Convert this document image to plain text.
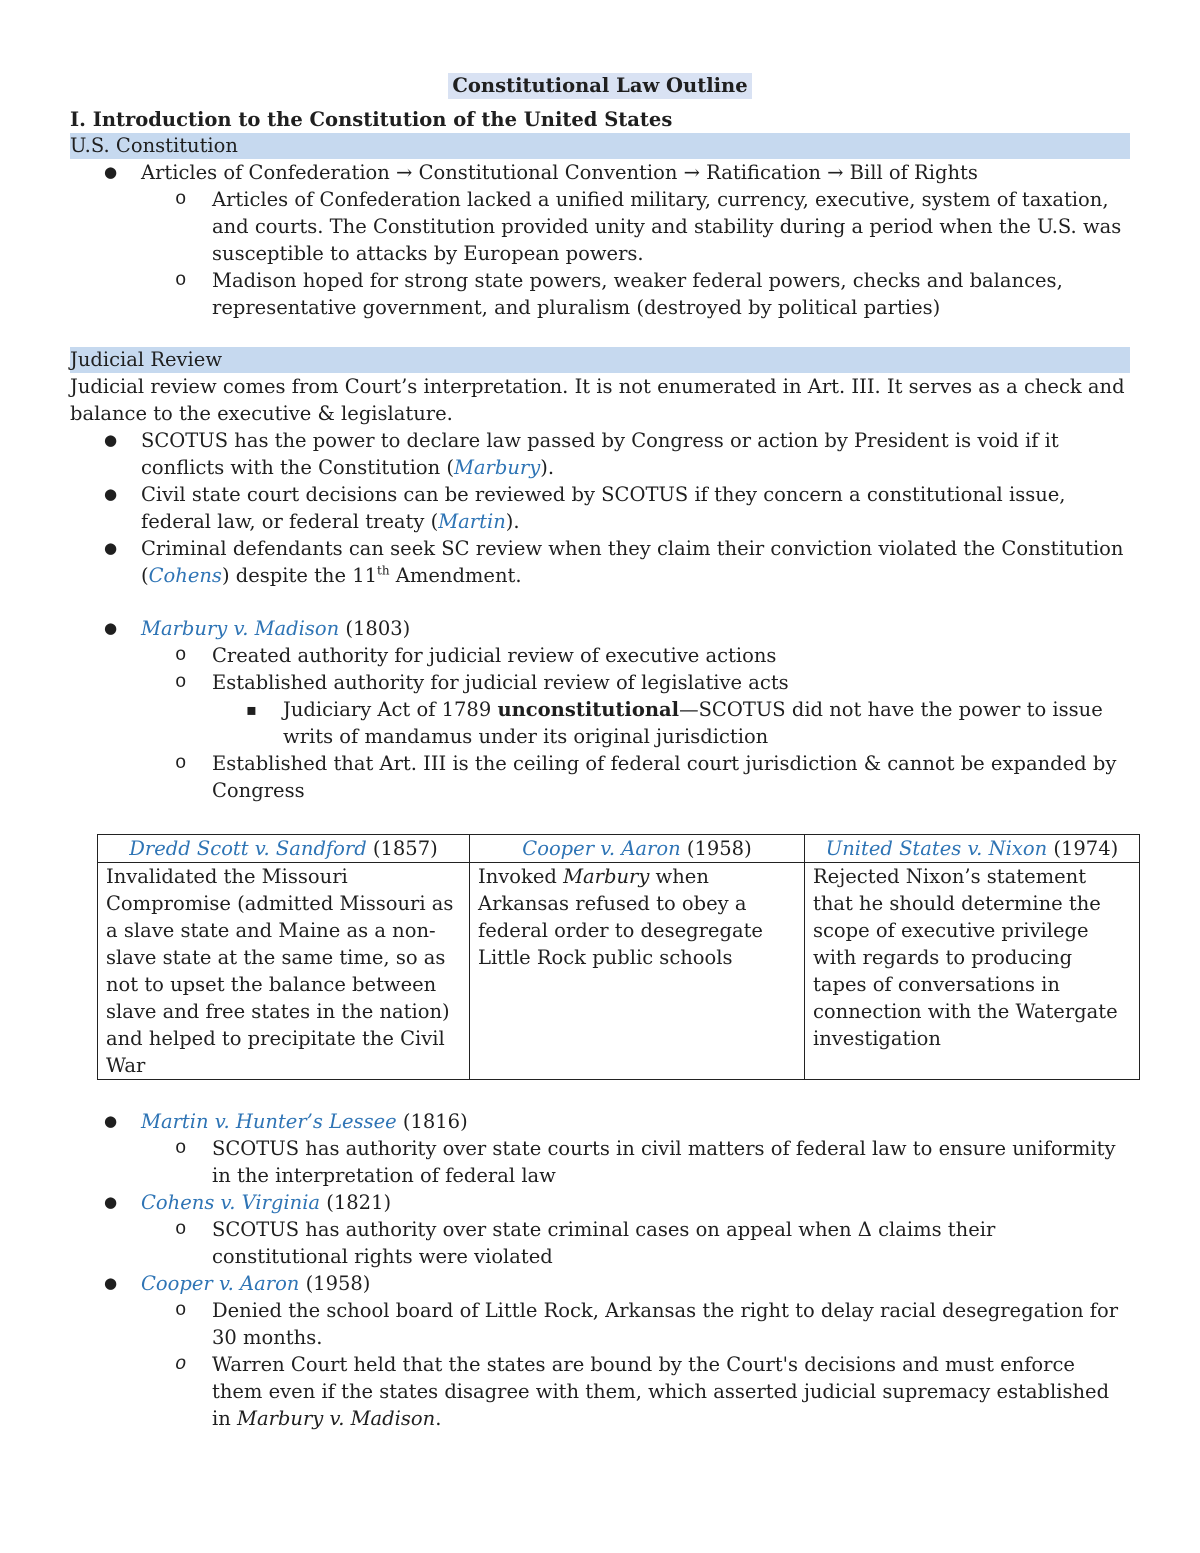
Constitutional Law Outline
I. Introduction to the Constitution of the United States
U.S. Constitution
● Articles of Confederation → Constitutional Convention → Ratification → Bill of Rights
o Articles of Confederation lacked a unified military, currency, executive, system of taxation, and courts. The Constitution provided unity and stability during a period when the U.S. was susceptible to attacks by European powers.
o Madison hoped for strong state powers, weaker federal powers, checks and balances, representative government, and pluralism (destroyed by political parties)
Judicial Review
Judicial review comes from Court’s interpretation. It is not enumerated in Art. III. It serves as a check and balance to the executive & legislature.
● SCOTUS has the power to declare law passed by Congress or action by President is void if it conflicts with the Constitution (Marbury).
● Civil state court decisions can be reviewed by SCOTUS if they concern a constitutional issue, federal law, or federal treaty (Martin).
● Criminal defendants can seek SC review when they claim their conviction violated the Constitution (Cohens) despite the 11th Amendment.
● Marbury v. Madison (1803)
o Created authority for judicial review of executive actions
o Established authority for judicial review of legislative acts
▪ Judiciary Act of 1789 unconstitutional—SCOTUS did not have the power to issue writs of mandamus under its original jurisdiction
o Established that Art. III is the ceiling of federal court jurisdiction & cannot be expanded by Congress
Dredd Scott v. Sandford (1857)	Cooper v. Aaron (1958)	United States v. Nixon (1974)
Invalidated the Missouri Compromise (admitted Missouri as a slave state and Maine as a non-slave state at the same time, so as not to upset the balance between slave and free states in the nation) and helped to precipitate the Civil War	Invoked Marbury when Arkansas refused to obey a federal order to desegregate Little Rock public schools	Rejected Nixon’s statement that he should determine the scope of executive privilege with regards to producing tapes of conversations in connection with the Watergate investigation
● Martin v. Hunter’s Lessee (1816)
o SCOTUS has authority over state courts in civil matters of federal law to ensure uniformity in the interpretation of federal law
● Cohens v. Virginia (1821)
o SCOTUS has authority over state criminal cases on appeal when Δ claims their constitutional rights were violated
● Cooper v. Aaron (1958)
o Denied the school board of Little Rock, Arkansas the right to delay racial desegregation for 30 months.
o Warren Court held that the states are bound by the Court's decisions and must enforce them even if the states disagree with them, which asserted judicial supremacy established in Marbury v. Madison.
